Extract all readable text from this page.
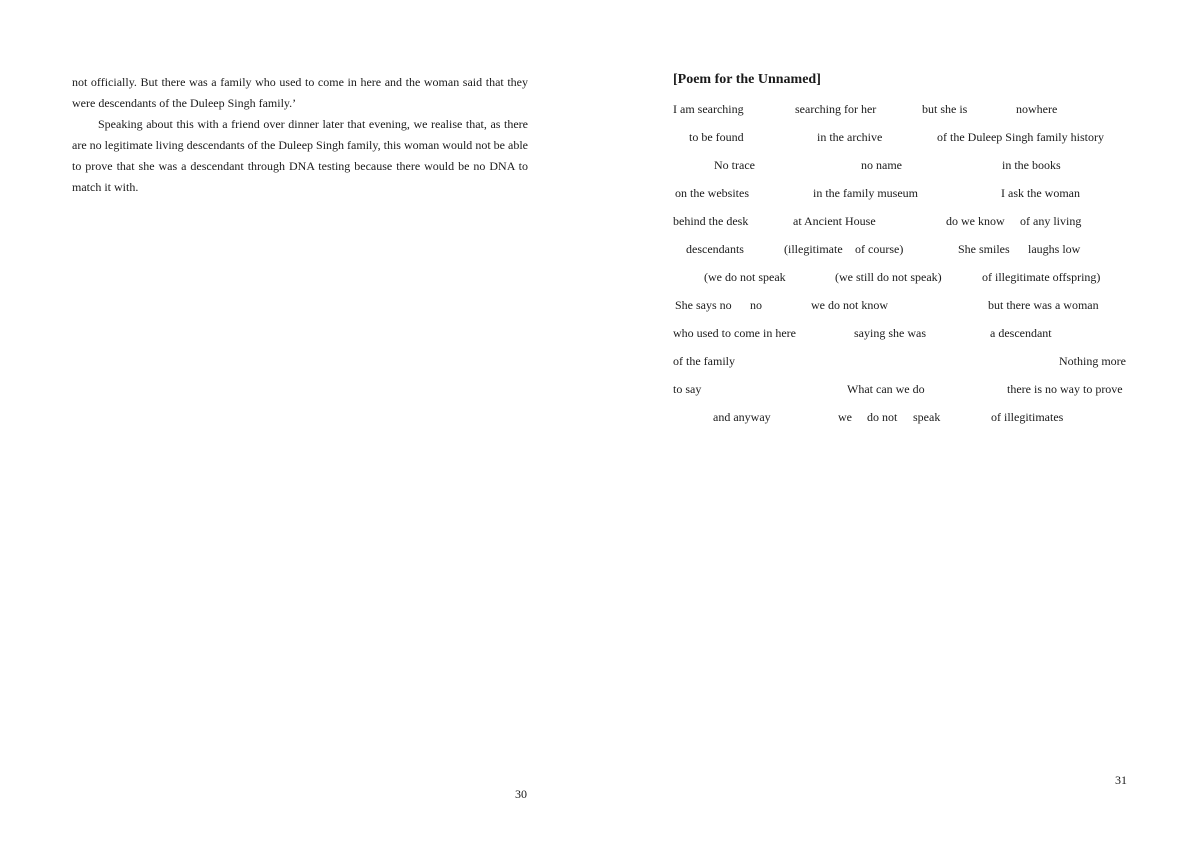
not officially. But there was a family who used to come in here and the woman said that they were descendants of the Duleep Singh family.’

Speaking about this with a friend over dinner later that evening, we realise that, as there are no legitimate living descendants of the Duleep Singh family, this woman would not be able to prove that she was a descendant through DNA testing because there would be no DNA to match it with.

30
[Poem for the Unnamed]
I am searching	searching for her	but she is	nowhere
to be found	in the archive	of the Duleep Singh family history
No trace	no name	in the books
on the websites	in the family museum	I ask the woman
behind the desk	at Ancient House	do we know of any living
descendants	(illegitimate of course)	She smiles laughs low
(we do not speak	(we still do not speak)	of illegitimate offspring)
She says no no	we do not know	but there was a woman
who used to come in here	saying she was	a descendant
of the family	Nothing more
to say	What can we do	there is no way to prove
and anyway	we do not speak	of illegitimates
31
